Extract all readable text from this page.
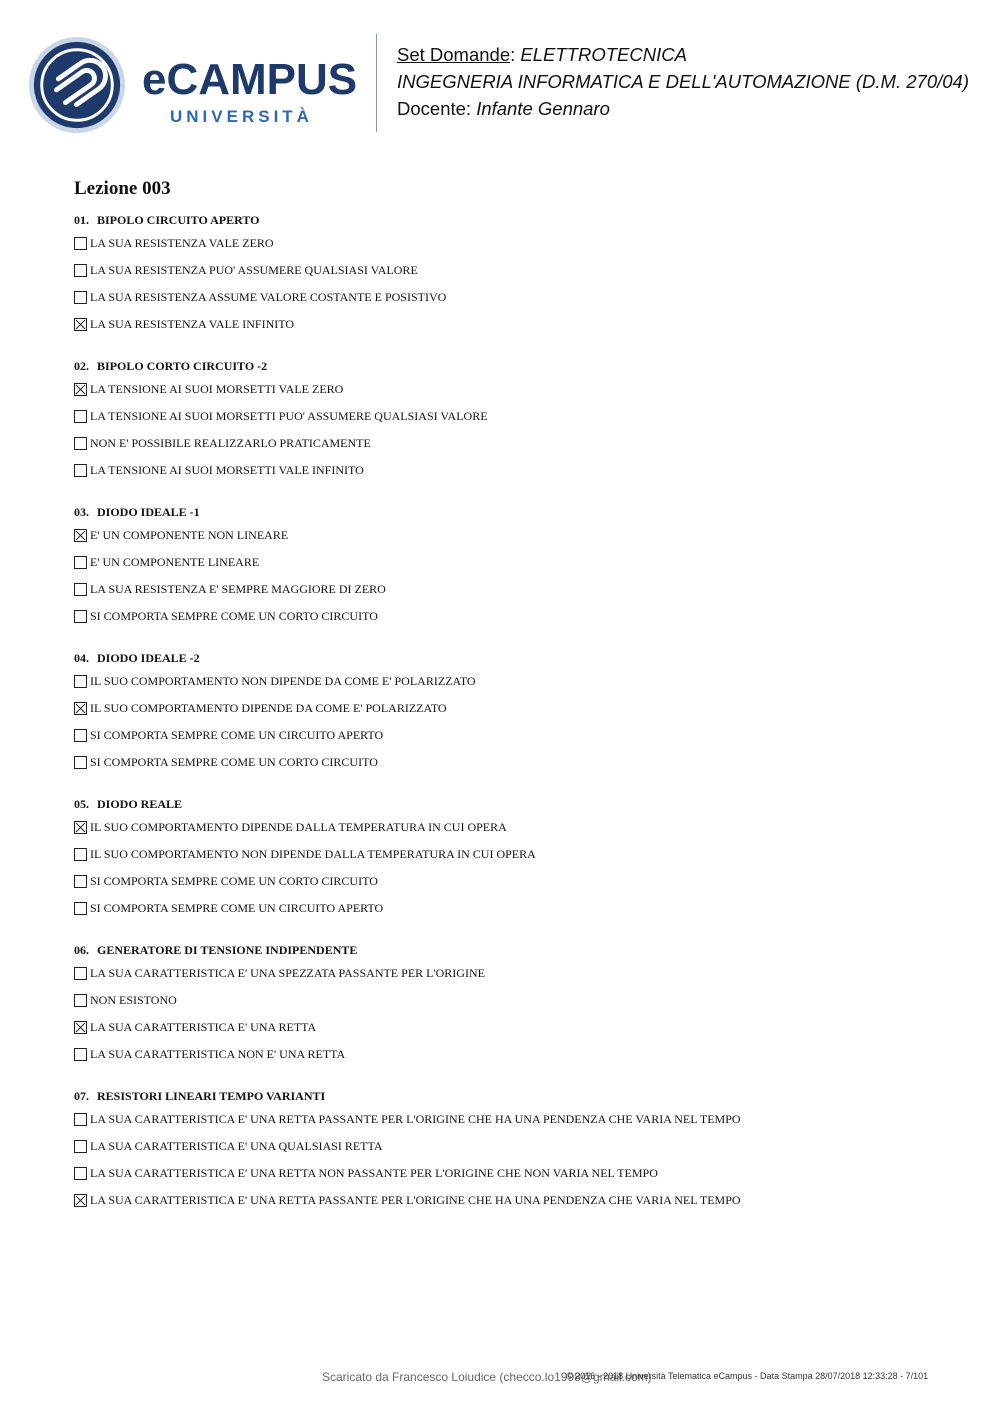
eCAMPUS
UNIVERSITÀ
Set Domande: ELETTROTECNICA
INGEGNERIA INFORMATICA E DELL'AUTOMAZIONE (D.M. 270/04)
Docente: Infante Gennaro
Lezione 003
01. BIPOLO CIRCUITO APERTO
LA SUA RESISTENZA VALE ZERO
LA SUA RESISTENZA PUO' ASSUMERE QUALSIASI VALORE
LA SUA RESISTENZA ASSUME VALORE COSTANTE E POSISTIVO
LA SUA RESISTENZA VALE INFINITO
02. BIPOLO CORTO CIRCUITO -2
LA TENSIONE AI SUOI MORSETTI VALE ZERO
LA TENSIONE AI SUOI MORSETTI PUO' ASSUMERE QUALSIASI VALORE
NON E' POSSIBILE REALIZZARLO PRATICAMENTE
LA TENSIONE AI SUOI MORSETTI VALE INFINITO
03. DIODO IDEALE -1
E' UN COMPONENTE NON LINEARE
E' UN COMPONENTE LINEARE
LA SUA RESISTENZA E' SEMPRE MAGGIORE DI ZERO
SI COMPORTA SEMPRE COME UN CORTO CIRCUITO
04. DIODO IDEALE -2
IL SUO COMPORTAMENTO NON DIPENDE DA COME E' POLARIZZATO
IL SUO COMPORTAMENTO DIPENDE DA COME E' POLARIZZATO
SI COMPORTA SEMPRE COME UN CIRCUITO APERTO
SI COMPORTA SEMPRE COME UN CORTO CIRCUITO
05. DIODO REALE
IL SUO COMPORTAMENTO DIPENDE DALLA TEMPERATURA IN CUI OPERA
IL SUO COMPORTAMENTO NON DIPENDE DALLA TEMPERATURA IN CUI OPERA
SI COMPORTA SEMPRE COME UN CORTO CIRCUITO
SI COMPORTA SEMPRE COME UN CIRCUITO APERTO
06. GENERATORE DI TENSIONE INDIPENDENTE
LA SUA CARATTERISTICA E' UNA SPEZZATA PASSANTE PER L'ORIGINE
NON ESISTONO
LA SUA CARATTERISTICA E' UNA RETTA
LA SUA CARATTERISTICA NON E' UNA RETTA
07. RESISTORI LINEARI TEMPO VARIANTI
LA SUA CARATTERISTICA E' UNA RETTA PASSANTE PER L'ORIGINE CHE HA UNA PENDENZA CHE VARIA NEL TEMPO
LA SUA CARATTERISTICA E' UNA QUALSIASI RETTA
LA SUA CARATTERISTICA E' UNA RETTA NON PASSANTE PER L'ORIGINE CHE NON VARIA NEL TEMPO
LA SUA CARATTERISTICA E' UNA RETTA PASSANTE PER L'ORIGINE CHE HA UNA PENDENZA CHE VARIA NEL TEMPO
Scaricato da Francesco Loiudice (checco.lo1998@gmail.com)
© 2016 - 2018 Università Telematica eCampus - Data Stampa 28/07/2018 12:33:28 - 7/101
